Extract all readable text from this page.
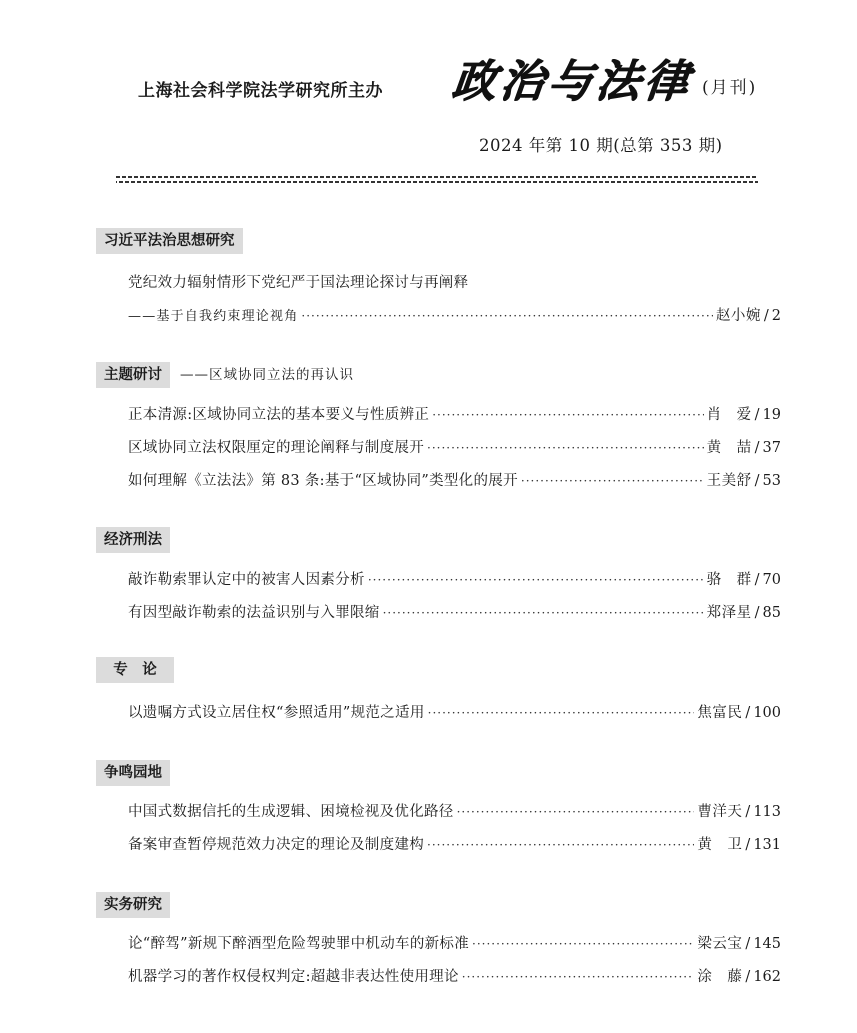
上海社会科学院法学研究所主办 政治与法律 (月刊)
2024 年第 10 期(总第 353 期)
习近平法治思想研究
党纪效力辐射情形下党纪严于国法理论探讨与再阐释
——基于自我约束理论视角 ·····	赵小婉 / 2
主题研讨	——区域协同立法的再认识
正本清源:区域协同立法的基本要义与性质辨正 ·····	肖　爱 / 19
区域协同立法权限厘定的理论阐释与制度展开 ·····	黄　喆 / 37
如何理解《立法法》第 83 条:基于“区域协同”类型化的展开 ·····	王美舒 / 53
经济刑法
敲诈勒索罪认定中的被害人因素分析 ·····	骆　群 / 70
有因型敲诈勒索的法益识别与入罪限缩 ·····	郑泽星 / 85
专　论
以遗嘱方式设立居住权“参照适用”规范之适用 ·····	焦富民 / 100
争鸣园地
中国式数据信托的生成逻辑、困境检视及优化路径 ·····	曹洋天 / 113
备案审查暂停规范效力决定的理论及制度建构 ·····	黄　卫 / 131
实务研究
论“醉驾”新规下醉酒型危险驾驶罪中机动车的新标准 ·····	梁云宝 / 145
机器学习的著作权侵权判定:超越非表达性使用理论 ·····	涂　藤 / 162
